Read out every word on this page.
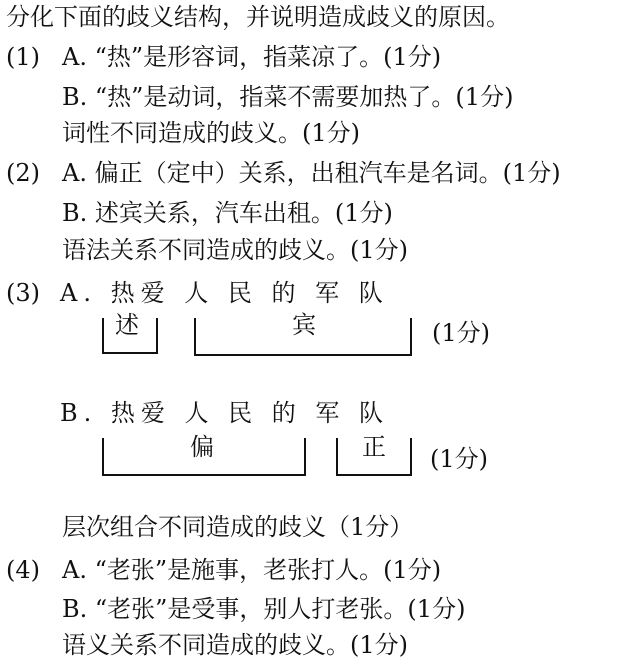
分化下面的歧义结构，并说明造成歧义的原因。
(1) A. “热”是形容词，指菜凉了。(1分)
B. “热”是动词，指菜不需要加热了。(1分)
词性不同造成的歧义。(1分)
(2) A. 偏正（定中）关系，出租汽车是名词。(1分)
B. 述宾关系，汽车出租。(1分)
语法关系不同造成的歧义。(1分)
(3) A. 热爱 人 民 的 军 队
述	宾	(1分)
B. 热爱 人 民 的 军 队
偏	正 (1分)
层次组合不同造成的歧义（1分）
(4) A. “老张”是施事，老张打人。(1分)
B. “老张”是受事，别人打老张。(1分)
语义关系不同造成的歧义。(1分)
